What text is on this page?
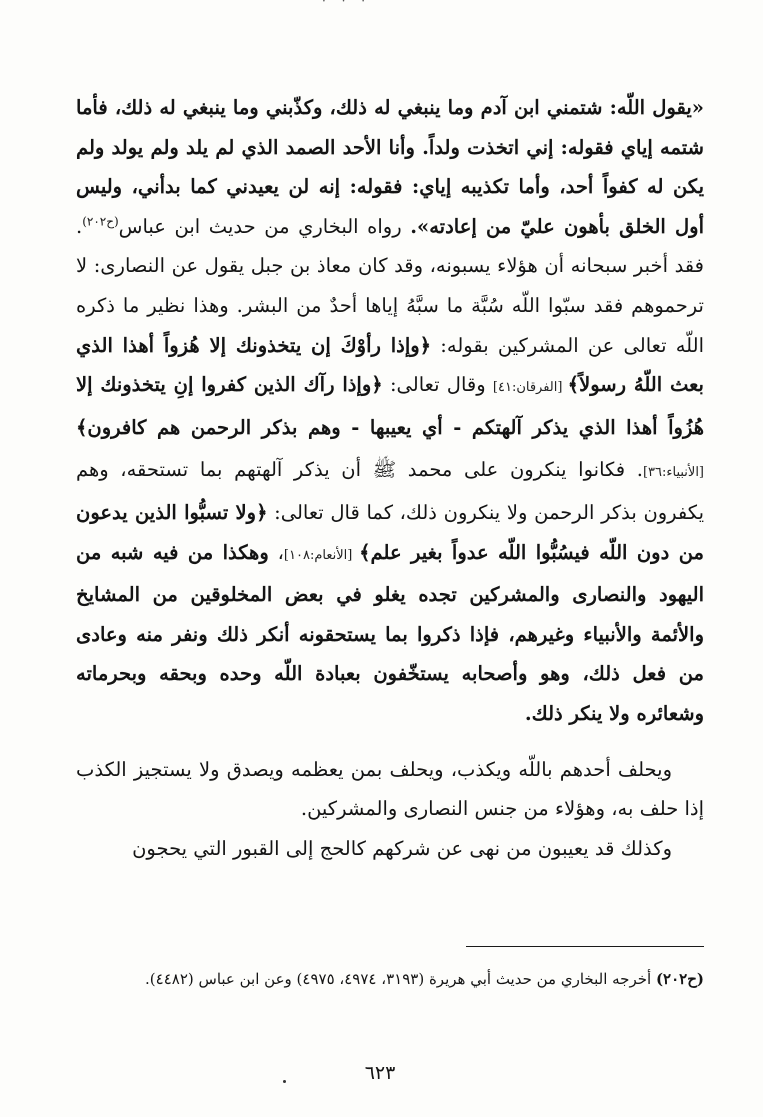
«يقول اللّه: شتمني ابن آدم وما ينبغي له ذلك، وكذّبني وما ينبغي له ذلك، فأما شتمه إياي فقوله: إني اتخذت ولداً. وأنا الأحد الصمد الذي لم يلد ولم يولد ولم يكن له كفواً أحد، وأما تكذيبه إياي: فقوله: إنه لن يعيدني كما بدأني، وليس أول الخلق بأهون عليّ من إعادته». رواه البخاري من حديث ابن عباس$^{(ح٢٠٢)}$. فقد أخبر سبحانه أن هؤلاء يسبونه، وقد كان معاذ بن جبل يقول عن النصارى: لا ترحموهم فقد سبّوا اللّه سُبَّة ما سبَّهُ إياها أحدٌ من البشر. وهذا نظير ما ذكره اللّه تعالى عن المشركين بقوله: ﴿وإذا رأوْكَ إن يتخذونك إلا هُزواً أهذا الذي بعث اللّهُ رسولاً﴾ [الفرقان:٤١] وقال تعالى: ﴿وإذا رآك الذين كفروا إنِ يتخذونك إلا هُزُواً أهذا الذي يذكر آلهتكم - أي يعيبها - وهم بذكر الرحمن هم كافرون﴾ [الأنبياء:٣٦]. فكانوا ينكرون على محمد ﷺ أن يذكر آلهتهم بما تستحقه، وهم يكفرون بذكر الرحمن ولا ينكرون ذلك، كما قال تعالى: ﴿ولا تسبُّوا الذين يدعون من دون اللّه فيسُبُّوا اللّه عدواً بغير علم﴾ [الأنعام:١٠٨]، وهكذا من فيه شبه من اليهود والنصارى والمشركين تجده يغلو في بعض المخلوقين من المشايخ والأئمة والأنبياء وغيرهم، فإذا ذكروا بما يستحقونه أنكر ذلك ونفر منه وعادى من فعل ذلك، وهو وأصحابه يستخّفون بعبادة اللّه وحده وبحقه وبحرماته وشعائره ولا ينكر ذلك.

ويحلف أحدهم باللّه ويكذب، ويحلف بمن يعظمه ويصدق ولا يستجيز الكذب إذا حلف به، وهؤلاء من جنس النصارى والمشركين.

وكذلك قد يعيبون من نهى عن شركهم كالحج إلى القبور التي يحجون

(ح٢٠٢) أخرجه البخاري من حديث أبي هريرة (٣١٩٣، ٤٩٧٤، ٤٩٧٥) وعن ابن عباس (٤٤٨٢).
٦٢٣
